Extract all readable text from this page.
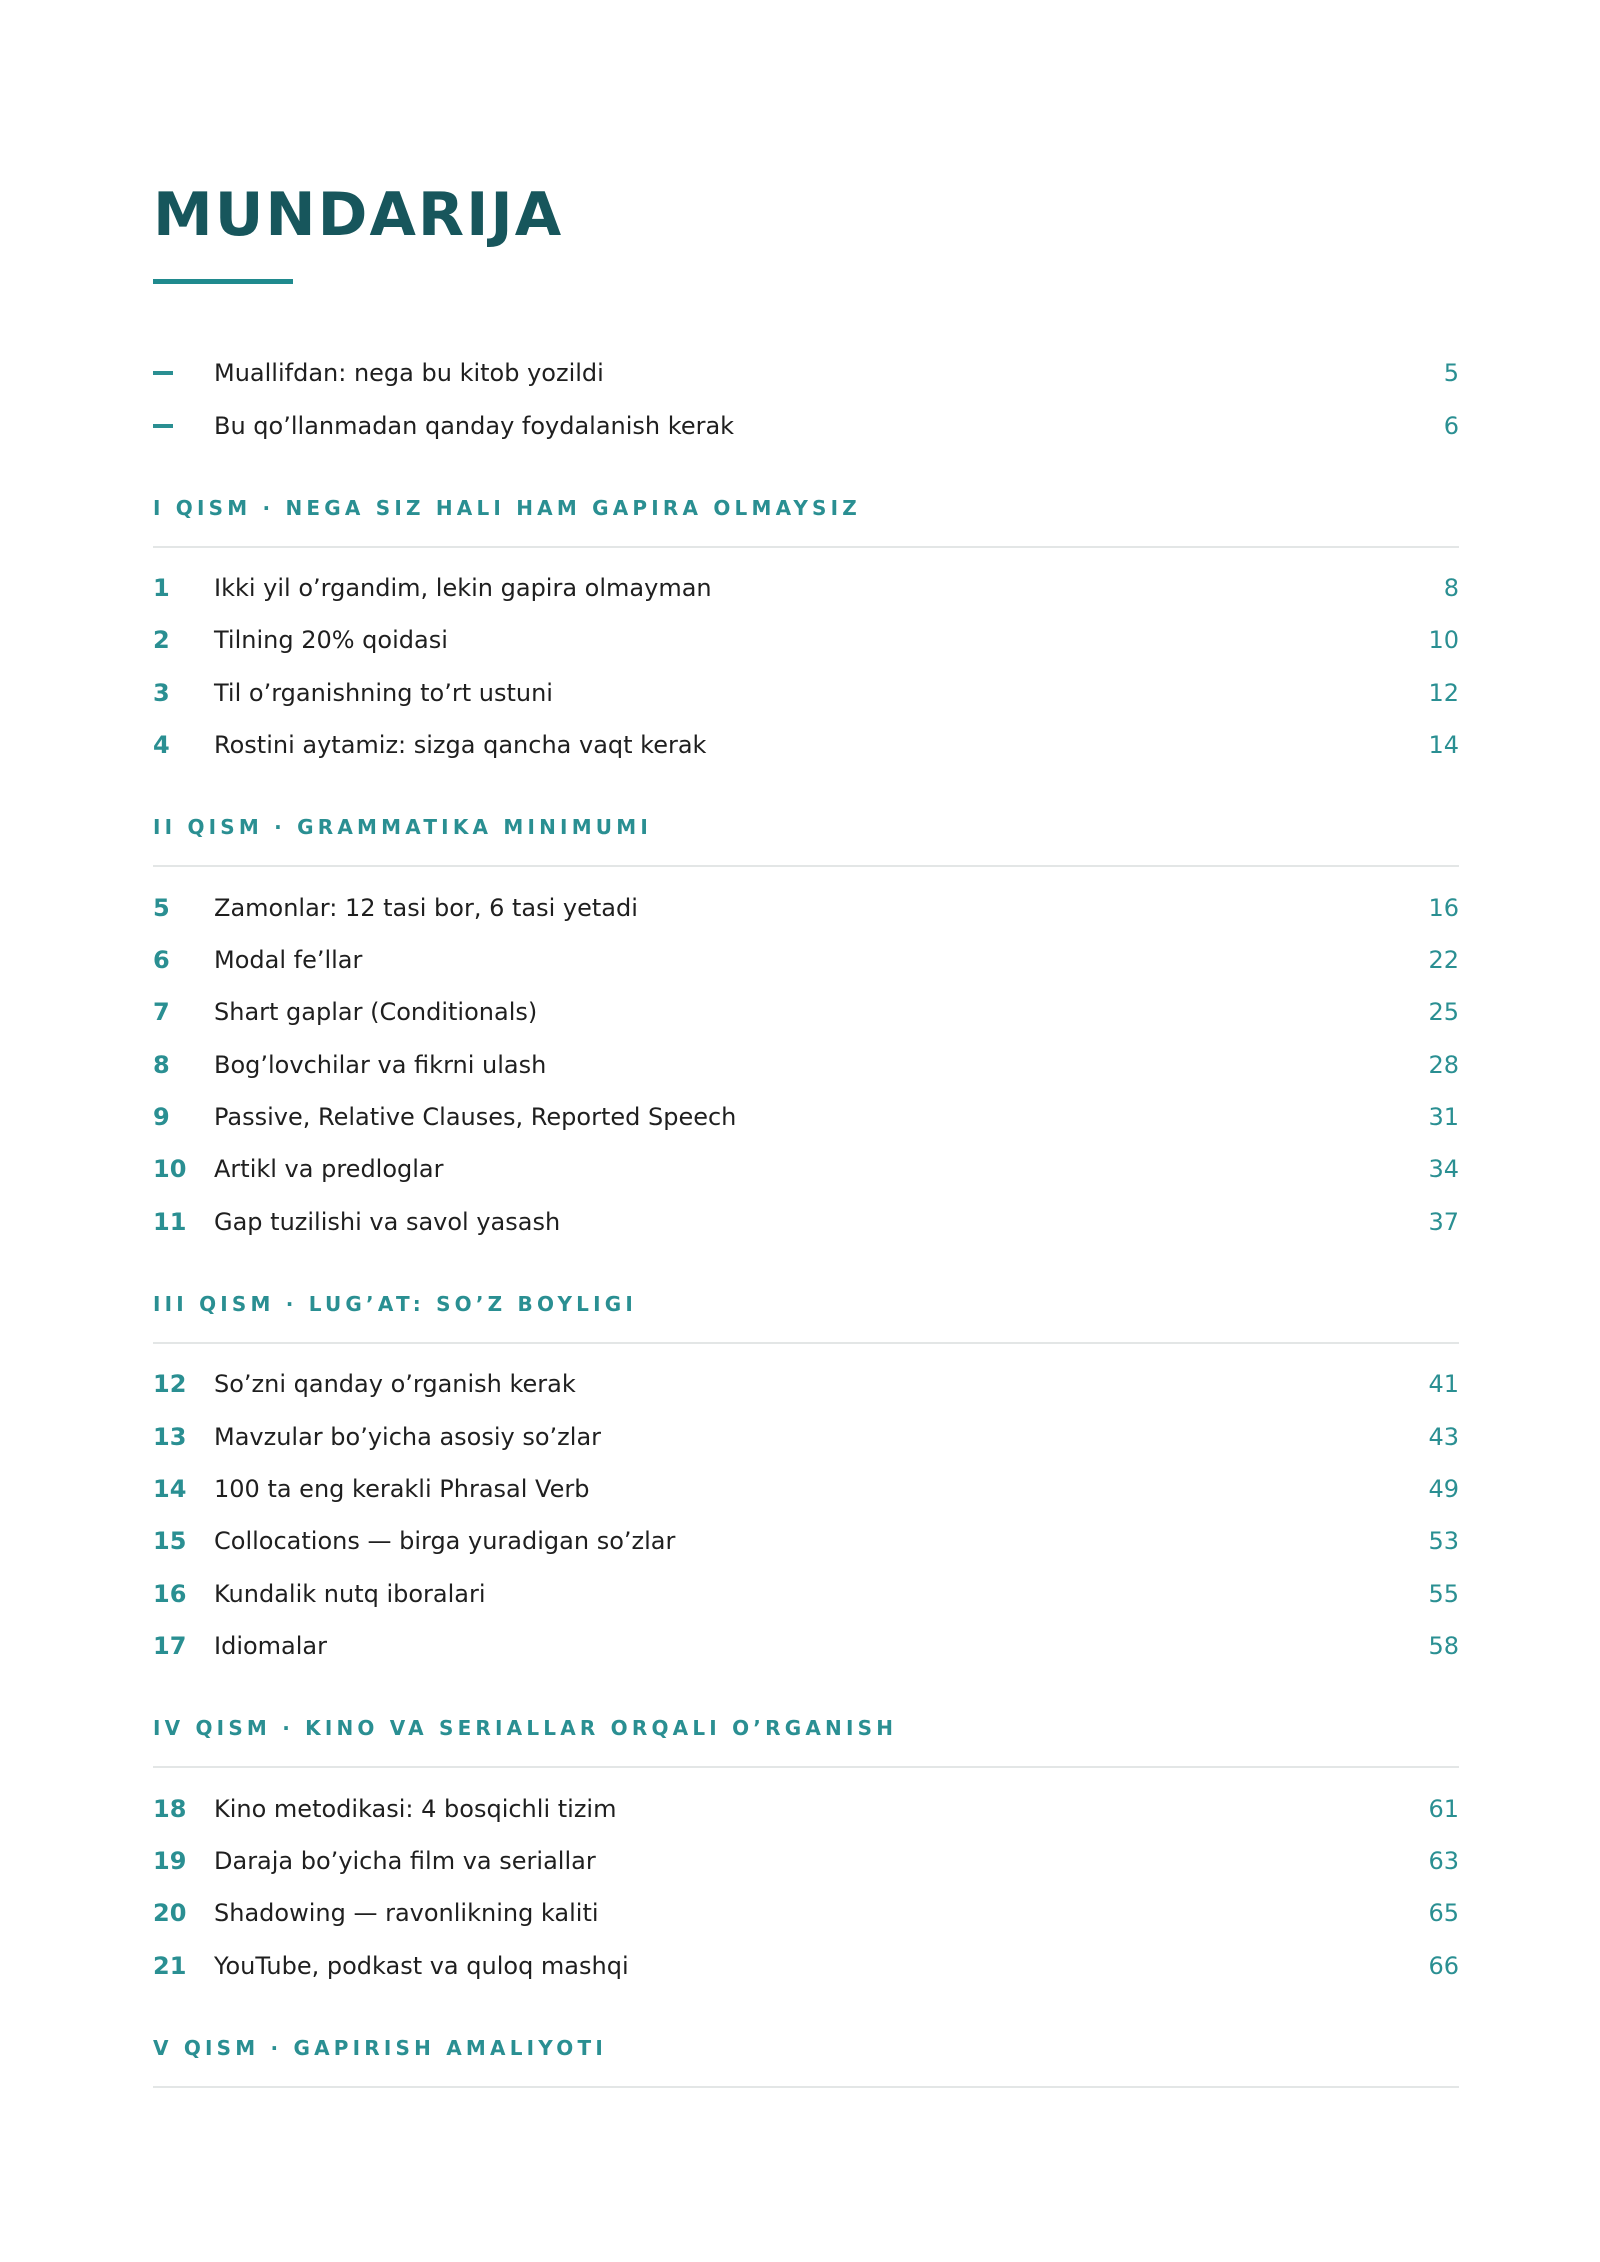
MUNDARIJA
Muallifdan: nega bu kitob yozildi	5
Bu qo’llanmadan qanday foydalanish kerak	6
I QISM · NEGA SIZ HALI HAM GAPIRA OLMAYSIZ
1	Ikki yil o’rgandim, lekin gapira olmayman	8
2	Tilning 20% qoidasi	10
3	Til o’rganishning to’rt ustuni	12
4	Rostini aytamiz: sizga qancha vaqt kerak	14
II QISM · GRAMMATIKA MINIMUMI
5	Zamonlar: 12 tasi bor, 6 tasi yetadi	16
6	Modal fe’llar	22
7	Shart gaplar (Conditionals)	25
8	Bog’lovchilar va fikrni ulash	28
9	Passive, Relative Clauses, Reported Speech	31
10	Artikl va predloglar	34
11	Gap tuzilishi va savol yasash	37
III QISM · LUG’AT: SO’Z BOYLIGI
12	So’zni qanday o’rganish kerak	41
13	Mavzular bo’yicha asosiy so’zlar	43
14	100 ta eng kerakli Phrasal Verb	49
15	Collocations — birga yuradigan so’zlar	53
16	Kundalik nutq iboralari	55
17	Idiomalar	58
IV QISM · KINO VA SERIALLAR ORQALI O’RGANISH
18	Kino metodikasi: 4 bosqichli tizim	61
19	Daraja bo’yicha film va seriallar	63
20	Shadowing — ravonlikning kaliti	65
21	YouTube, podkast va quloq mashqi	66
V QISM · GAPIRISH AMALIYOTI
